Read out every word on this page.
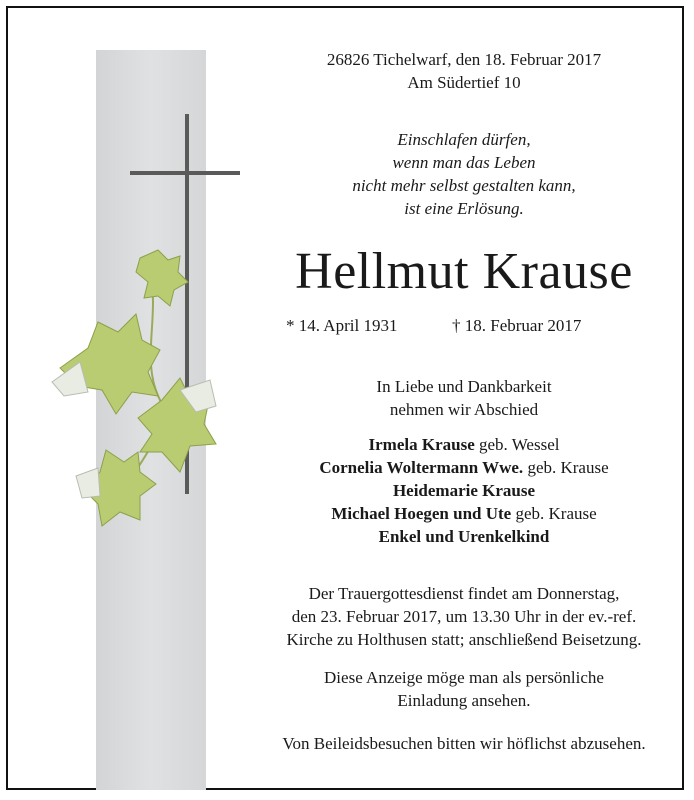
26826 Tichelwarf, den 18. Februar 2017
Am Südertief 10
Einschlafen dürfen,
wenn man das Leben
nicht mehr selbst gestalten kann,
ist eine Erlösung.
Hellmut Krause
* 14. April 1931	† 18. Februar 2017
In Liebe und Dankbarkeit
nehmen wir Abschied
Irmela Krause geb. Wessel
Cornelia Woltermann Wwe. geb. Krause
Heidemarie Krause
Michael Hoegen und Ute geb. Krause
Enkel und Urenkelkind
Der Trauergottesdienst findet am Donnerstag,
den 23. Februar 2017, um 13.30 Uhr in der ev.-ref.
Kirche zu Holthusen statt; anschließend Beisetzung.
Diese Anzeige möge man als persönliche
Einladung ansehen.
Von Beileidsbesuchen bitten wir höflichst abzusehen.
